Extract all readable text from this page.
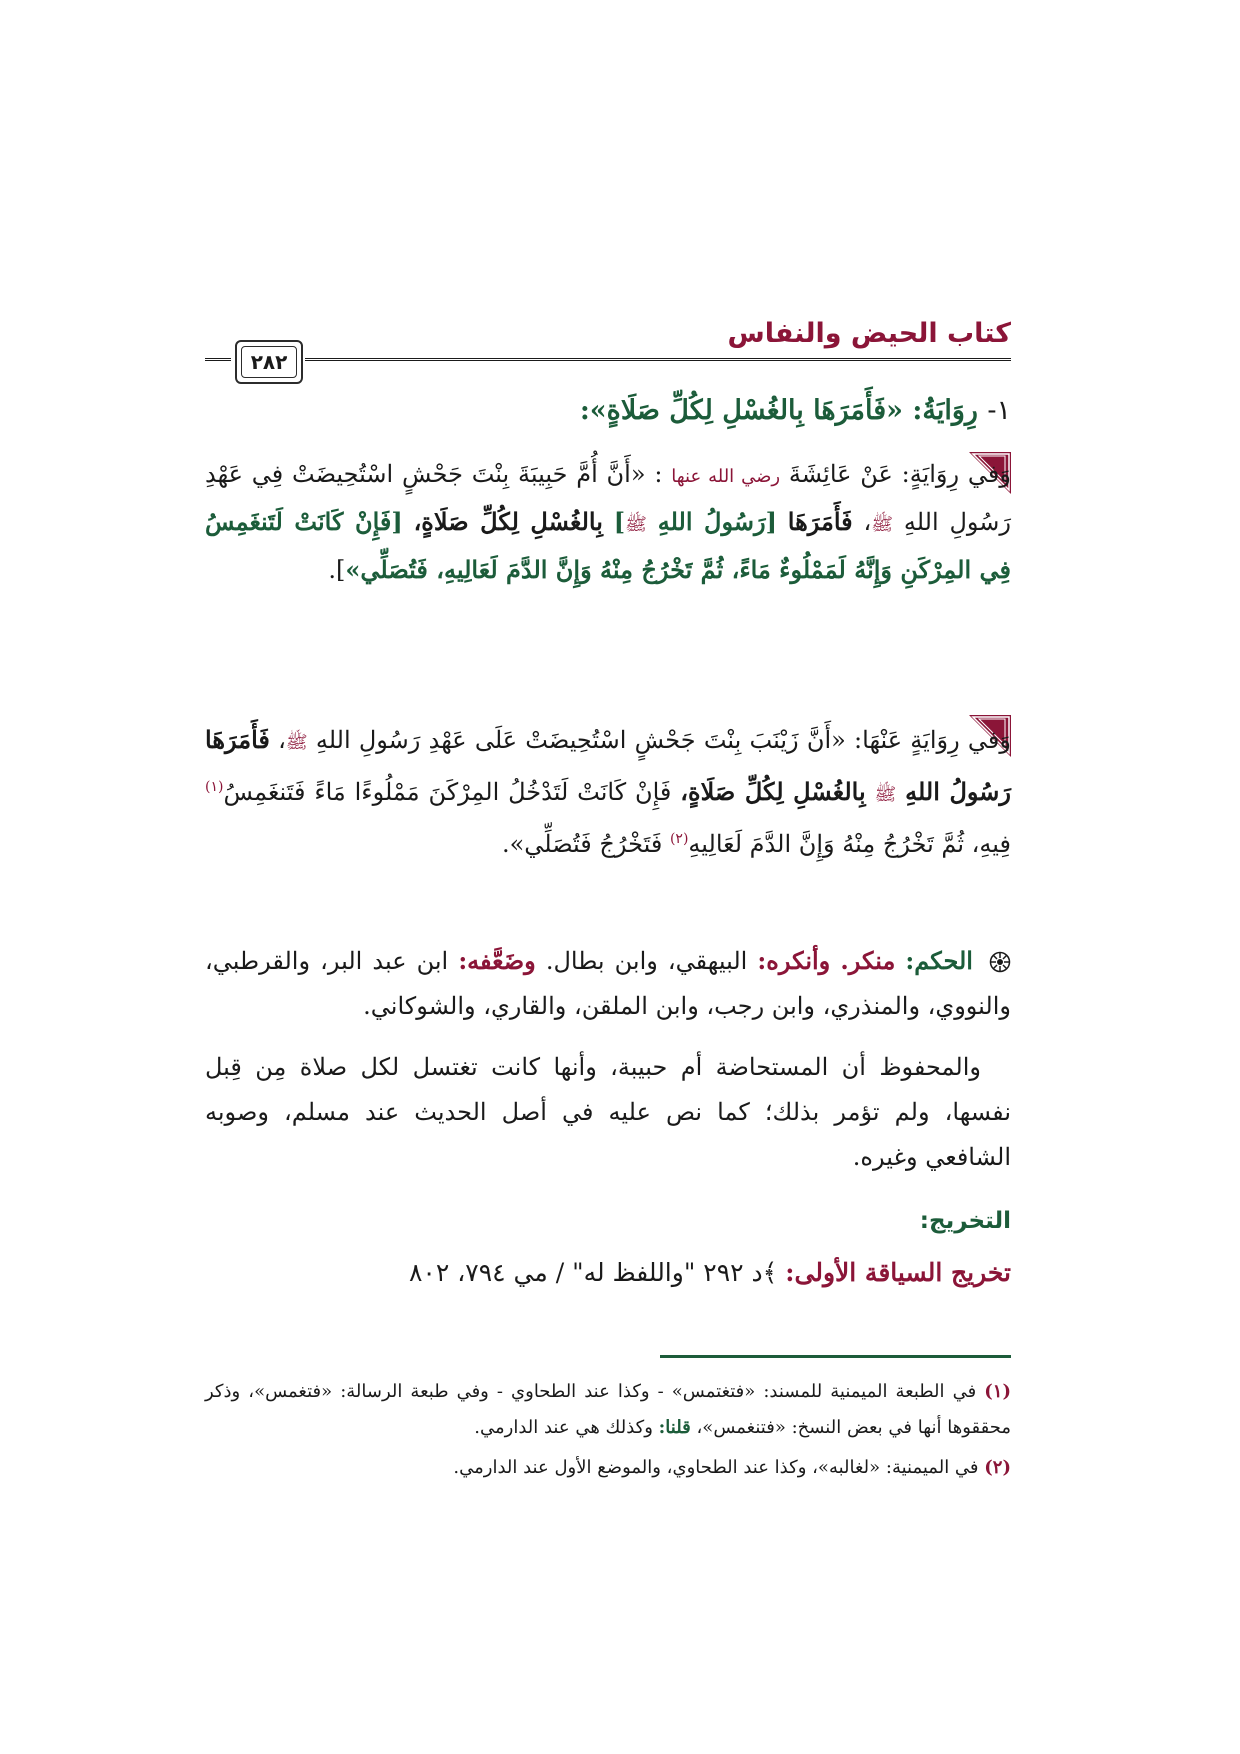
كتاب الحيض والنفاس
٢٨٢
١- رِوَايَةُ: «فَأَمَرَهَا بِالغُسْلِ لِكُلِّ صَلَاةٍ»:
وَفي رِوَايَةٍ: عَنْ عَائِشَةَ رضي الله عنها : «أَنَّ أُمَّ حَبِيبَةَ بِنْتَ جَحْشٍ اسْتُحِيضَتْ فِي عَهْدِ رَسُولِ اللهِ ﷺ، فَأَمَرَهَا [رَسُولُ اللهِ ﷺ] بِالغُسْلِ لِكُلِّ صَلَاةٍ، [فَإِنْ كَانَتْ لَتَنغَمِسُ فِي المِرْكَنِ وَإِنَّهُ لَمَمْلُوءٌ مَاءً، ثُمَّ تَخْرُجُ مِنْهُ وَإِنَّ الدَّمَ لَعَالِيهِ، فَتُصَلِّي»].
وَفي رِوَايَةٍ عَنْهَا: «أَنَّ زَيْنَبَ بِنْتَ جَحْشٍ اسْتُحِيضَتْ عَلَى عَهْدِ رَسُولِ اللهِ ﷺ، فَأَمَرَهَا رَسُولُ اللهِ ﷺ بِالغُسْلِ لِكُلِّ صَلَاةٍ، فَإِنْ كَانَتْ لَتَدْخُلُ المِرْكَنَ مَمْلُوءًا مَاءً فَتَنغَمِسُ$^{(١)}$ فِيهِ، ثُمَّ تَخْرُجُ مِنْهُ وَإِنَّ الدَّمَ لَعَالِيهِ$^{(٢)}$ فَتَخْرُجُ فَتُصَلِّي».
الحكم: منكر. وأنكره: البيهقي، وابن بطال. وضَعَّفه: ابن عبد البر، والقرطبي، والنووي، والمنذري، وابن رجب، وابن الملقن، والقاري، والشوكاني.
والمحفوظ أن المستحاضة أم حبيبة، وأنها كانت تغتسل لكل صلاة مِن قِبل نفسها، ولم تؤمر بذلك؛ كما نص عليه في أصل الحديث عند مسلم، وصوبه الشافعي وغيره.
التخريج:
تخريج السياقة الأولى: ﴾د ٢٩٢ "واللفظ له" / مي ٧٩٤، ٨٠٢
(١) في الطبعة الميمنية للمسند: «فتغتمس» - وكذا عند الطحاوي - وفي طبعة الرسالة: «فتغمس»، وذكر محققوها أنها في بعض النسخ: «فتنغمس»، قلنا: وكذلك هي عند الدارمي.
(٢) في الميمنية: «لغالبه»، وكذا عند الطحاوي، والموضع الأول عند الدارمي.
